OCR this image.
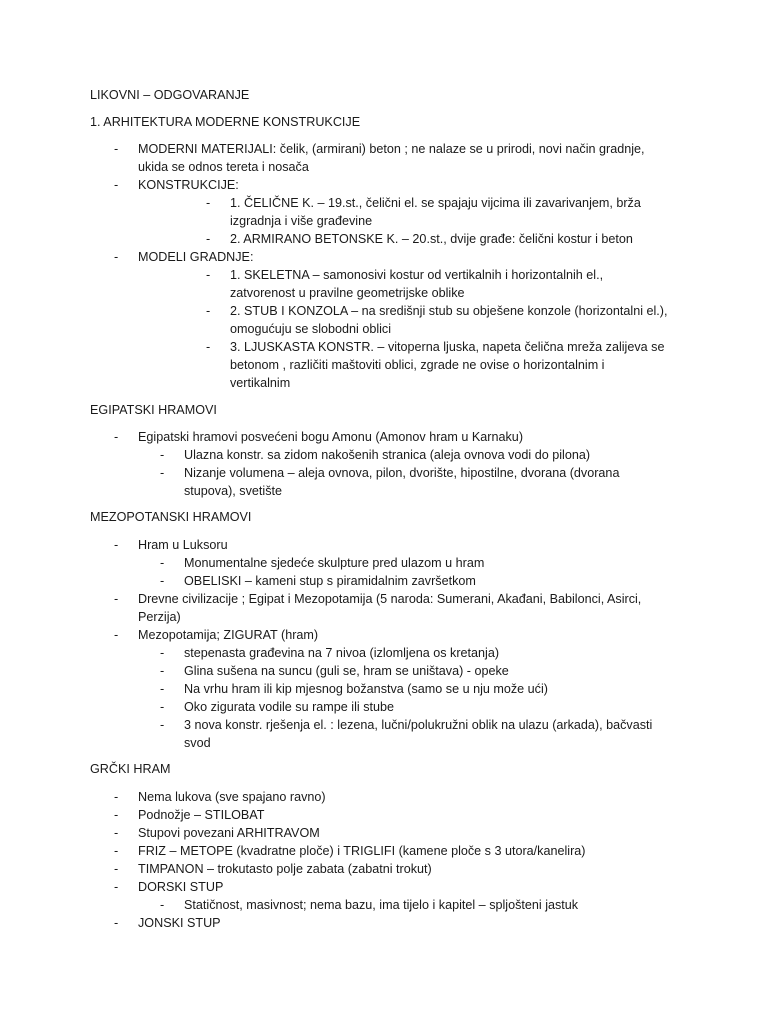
LIKOVNI – ODGOVARANJE
1. ARHITEKTURA MODERNE KONSTRUKCIJE
- MODERNI MATERIJALI: čelik, (armirani) beton ; ne nalaze se u prirodi, novi način gradnje,
ukida se odnos tereta i nosača
- KONSTRUKCIJE:
- 1. ČELIČNE K. – 19.st., čelični el. se spajaju vijcima ili zavarivanjem, brža
izgradnja i više građevine
- 2. ARMIRANO BETONSKE K. – 20.st., dvije građe: čelični kostur i beton
- MODELI GRADNJE:
- 1. SKELETNA – samonosivi kostur od vertikalnih i horizontalnih el.,
zatvorenost u pravilne geometrijske oblike
- 2. STUB I KONZOLA – na središnji stub su obješene konzole (horizontalni el.),
omogućuju se slobodni oblici
- 3. LJUSKASTA KONSTR. – vitoperna ljuska, napeta čelična mreža zalijeva se
betonom , različiti maštoviti oblici, zgrade ne ovise o horizontalnim i
vertikalnim
EGIPATSKI HRAMOVI
- Egipatski hramovi posvećeni bogu Amonu (Amonov hram u Karnaku)
- Ulazna konstr. sa zidom nakošenih stranica (aleja ovnova vodi do pilona)
- Nizanje volumena – aleja ovnova, pilon, dvorište, hipostilne, dvorana (dvorana
stupova), svetište
MEZOPOTANSKI HRAMOVI
- Hram u Luksoru
- Monumentalne sjedeće skulpture pred ulazom u hram
- OBELISKI – kameni stup s piramidalnim završetkom
- Drevne civilizacije ; Egipat i Mezopotamija (5 naroda: Sumerani, Akađani, Babilonci, Asirci,
Perzija)
- Mezopotamija; ZIGURAT (hram)
- stepenasta građevina na 7 nivoa (izlomljena os kretanja)
- Glina sušena na suncu (guli se, hram se uništava) - opeke
- Na vrhu hram ili kip mjesnog božanstva (samo se u nju može ući)
- Oko zigurata vodile su rampe ili stube
- 3 nova konstr. rješenja el. : lezena, lučni/polukružni oblik na ulazu (arkada), bačvasti
svod
GRČKI HRAM
- Nema lukova (sve spajano ravno)
- Podnožje – STILOBAT
- Stupovi povezani ARHITRAVOM
- FRIZ – METOPE (kvadratne ploče) i TRIGLIFI (kamene ploče s 3 utora/kanelira)
- TIMPANON – trokutasto polje zabata (zabatni trokut)
- DORSKI STUP
- Statičnost, masivnost; nema bazu, ima tijelo i kapitel – spljošteni jastuk
- JONSKI STUP
